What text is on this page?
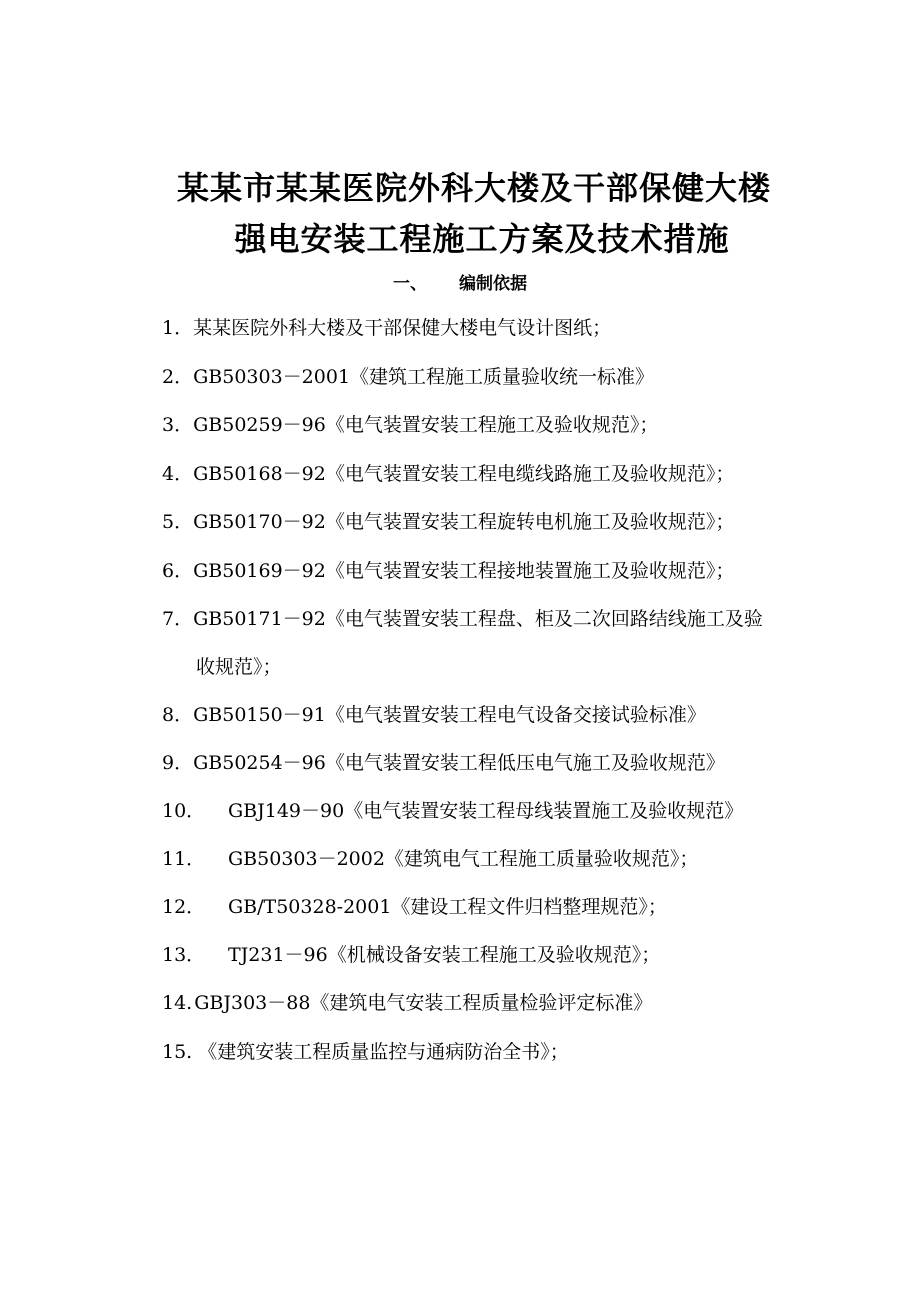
某某市某某医院外科大楼及干部保健大楼
强电安装工程施工方案及技术措施
一、 编制依据
1．某某医院外科大楼及干部保健大楼电气设计图纸；
2．GB50303－2001《建筑工程施工质量验收统一标准》
3．GB50259－96《电气装置安装工程施工及验收规范》；
4．GB50168－92《电气装置安装工程电缆线路施工及验收规范》；
5．GB50170－92《电气装置安装工程旋转电机施工及验收规范》；
6．GB50169－92《电气装置安装工程接地装置施工及验收规范》；
7．GB50171－92《电气装置安装工程盘、柜及二次回路结线施工及验
收规范》；
8．GB50150－91《电气装置安装工程电气设备交接试验标准》
9．GB50254－96《电气装置安装工程低压电气施工及验收规范》
10． GBJ149－90《电气装置安装工程母线装置施工及验收规范》
11． GB50303－2002《建筑电气工程施工质量验收规范》；
12． GB/T50328-2001《建设工程文件归档整理规范》；
13． TJ231－96《机械设备安装工程施工及验收规范》；
14. GBJ303－88《建筑电气安装工程质量检验评定标准》
15. 《建筑安装工程质量监控与通病防治全书》；
